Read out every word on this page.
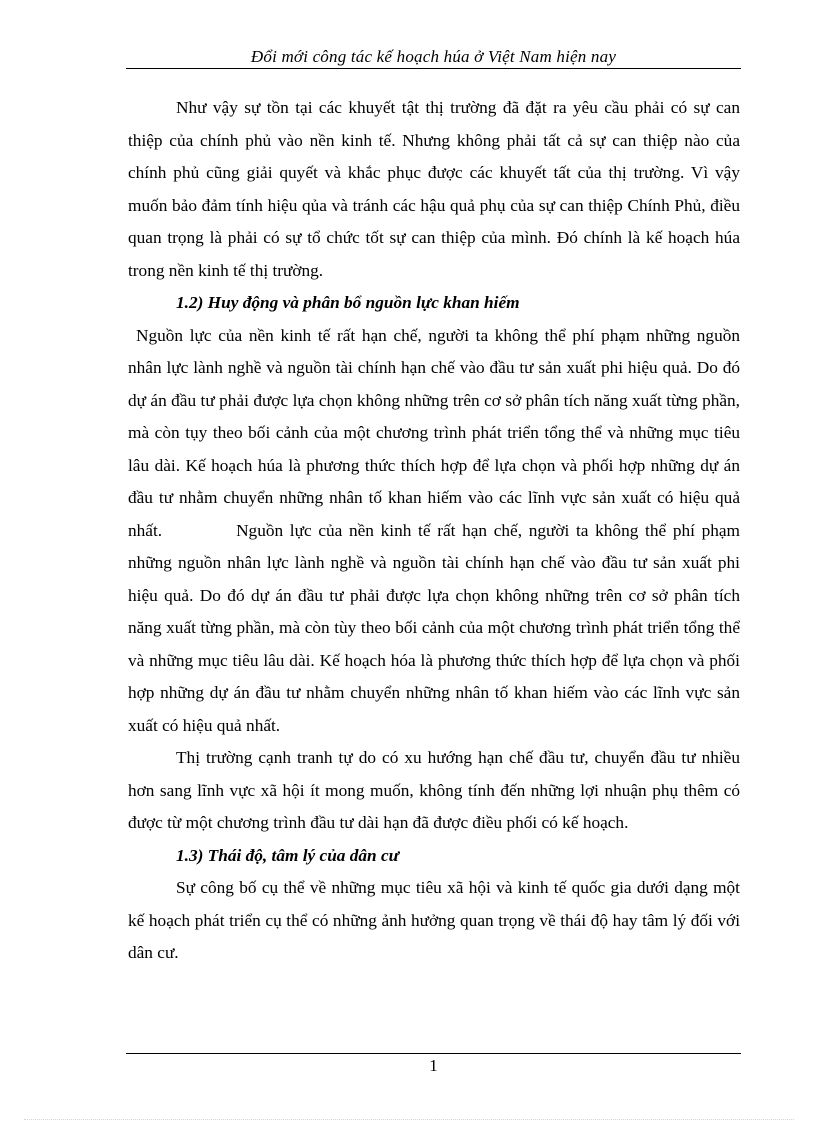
Đổi mới công tác kế hoạch húa ở Việt Nam hiện nay

Như vậy sự tồn tại các khuyết tật thị trường đã đặt ra yêu cầu phải có sự can thiệp của chính phủ vào nền kinh tế. Nhưng không phải tất cả sự can thiệp nào của chính phủ cũng giải quyết và khắc phục được các khuyết tất của thị trường. Vì vậy muốn bảo đảm tính hiệu qủa và tránh các hậu quả phụ của sự can thiệp Chính Phủ, điều quan trọng là phải có sự tổ chức tốt sự can thiệp của mình. Đó chính là kế hoạch húa trong nền kinh tế thị trường.

1.2) Huy động và phân bổ nguồn lực khan hiếm

Nguồn lực của nền kinh tế rất hạn chế, người ta không thể phí phạm những nguồn nhân lực lành nghề và nguồn tài chính hạn chế vào đầu tư sản xuất phi hiệu quả. Do đó dự án đầu tư phải được lựa chọn không những trên cơ sở phân tích năng xuất từng phần, mà còn tụy theo bối cảnh của một chương trình phát triển tổng thể và những mục tiêu lâu dài. Kế hoạch húa là phương thức thích hợp để lựa chọn và phối hợp những dự án đầu tư nhằm chuyển những nhân tố khan hiếm vào các lĩnh vực sản xuất có hiệu quả nhất.	Nguồn lực của nền kinh tế rất hạn chế, người ta không thể phí phạm những nguồn nhân lực lành nghề và nguồn tài chính hạn chế vào đầu tư sản xuất phi hiệu quả. Do đó dự án đầu tư phải được lựa chọn không những trên cơ sở phân tích năng xuất từng phần, mà còn tùy theo bối cảnh của một chương trình phát triển tổng thể và những mục tiêu lâu dài. Kế hoạch hóa là phương thức thích hợp để lựa chọn và phối hợp những dự án đầu tư nhằm chuyển những nhân tố khan hiếm vào các lĩnh vực sản xuất có hiệu quả nhất.

Thị trường cạnh tranh tự do có xu hướng hạn chế đầu tư, chuyển đầu tư nhiều hơn sang lĩnh vực xã hội ít mong muốn, không tính đến những lợi nhuận phụ thêm có được từ một chương trình đầu tư dài hạn đã được điều phối có kế hoạch.

1.3) Thái độ, tâm lý của dân cư

Sự công bố cụ thể về những mục tiêu xã hội và kinh tế quốc gia dưới dạng một kế hoạch phát triển cụ thể có những ảnh hưởng quan trọng về thái độ hay tâm lý đối với dân cư.

1
